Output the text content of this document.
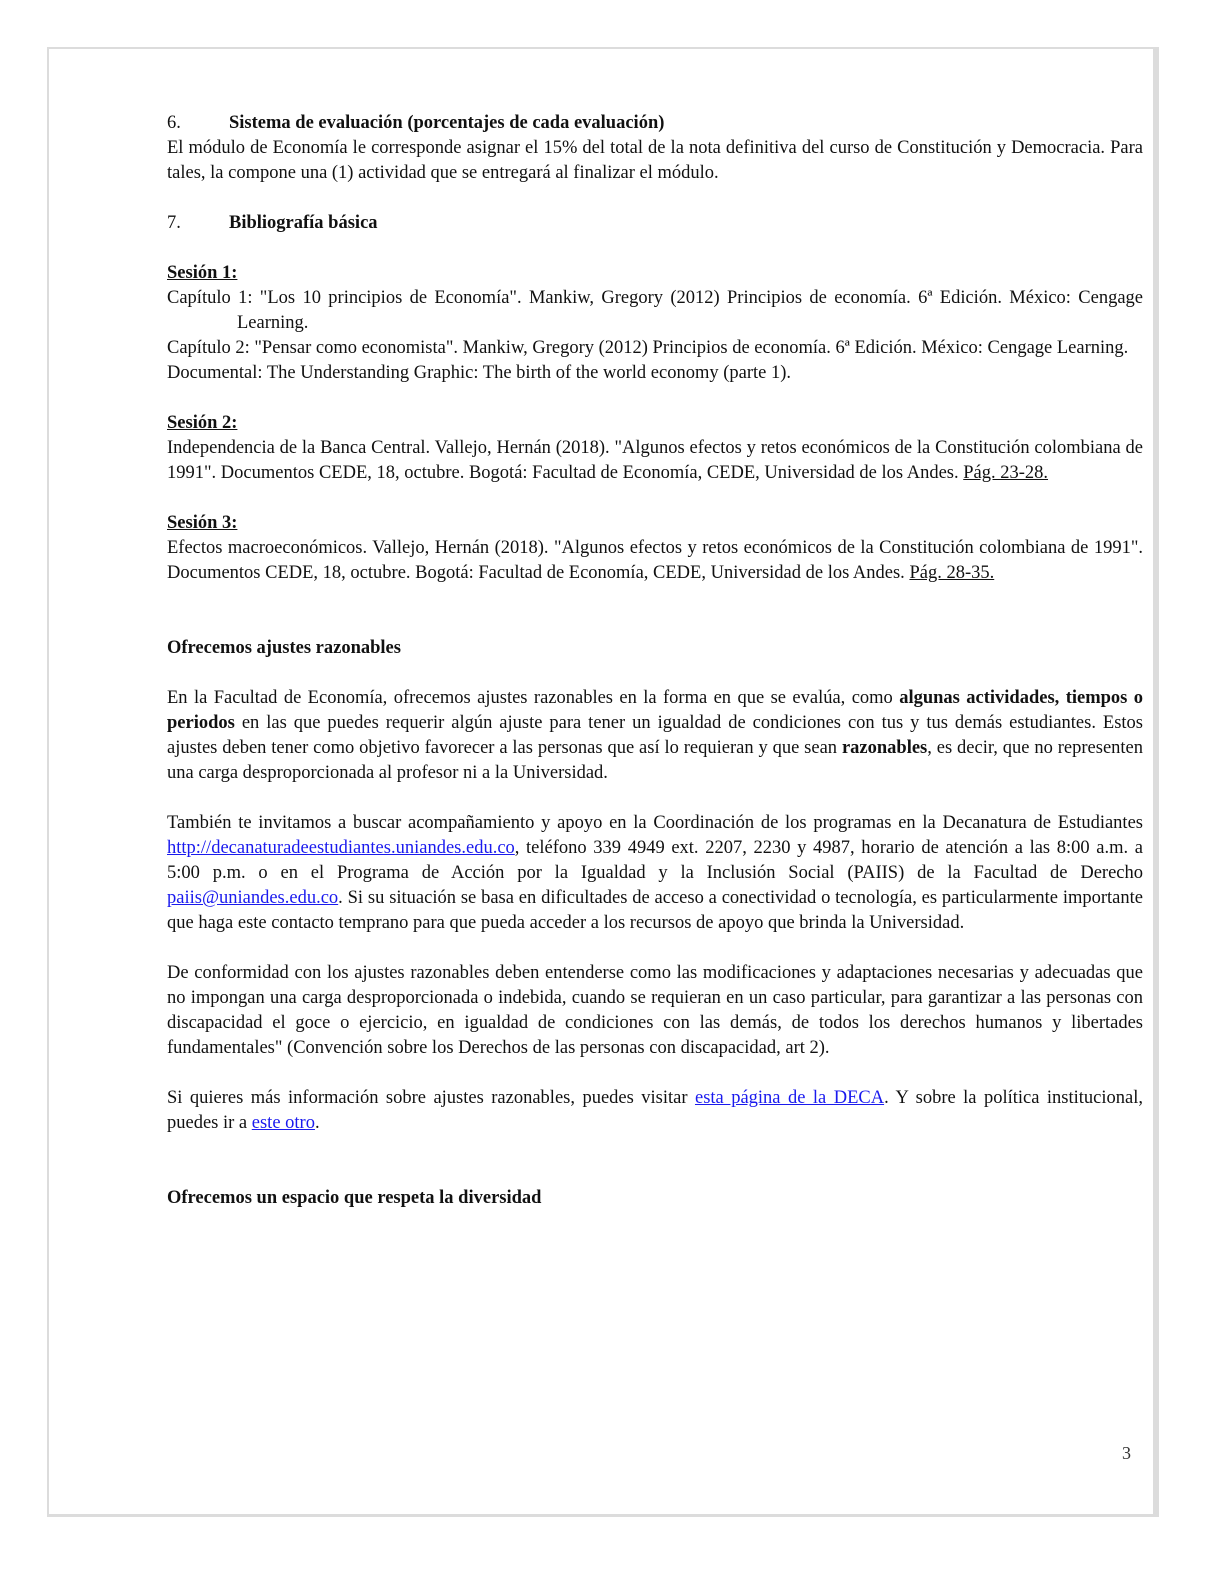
6.	Sistema de evaluación (porcentajes de cada evaluación)

El módulo de Economía le corresponde asignar el 15% del total de la nota definitiva del curso de Constitución y Democracia. Para tales, la compone una (1) actividad que se entregará al finalizar el módulo.

7.	Bibliografía básica

Sesión 1:

Capítulo 1: "Los 10 principios de Economía". Mankiw, Gregory (2012) Principios de economía. 6ª Edición. México: Cengage Learning.

Capítulo 2: "Pensar como economista". Mankiw, Gregory (2012) Principios de economía. 6ª Edición. México: Cengage Learning.

Documental: The Understanding Graphic: The birth of the world economy (parte 1).

Sesión 2:

Independencia de la Banca Central. Vallejo, Hernán (2018). "Algunos efectos y retos económicos de la Constitución colombiana de 1991". Documentos CEDE, 18, octubre. Bogotá: Facultad de Economía, CEDE, Universidad de los Andes. Pág. 23-28.

Sesión 3:

Efectos macroeconómicos. Vallejo, Hernán (2018). "Algunos efectos y retos económicos de la Constitución colombiana de 1991". Documentos CEDE, 18, octubre. Bogotá: Facultad de Economía, CEDE, Universidad de los Andes. Pág. 28-35.

Ofrecemos ajustes razonables

En la Facultad de Economía, ofrecemos ajustes razonables en la forma en que se evalúa, como algunas actividades, tiempos o periodos en las que puedes requerir algún ajuste para tener un igualdad de condiciones con tus y tus demás estudiantes. Estos ajustes deben tener como objetivo favorecer a las personas que así lo requieran y que sean razonables, es decir, que no representen una carga desproporcionada al profesor ni a la Universidad.

También te invitamos a buscar acompañamiento y apoyo en la Coordinación de los programas en la Decanatura de Estudiantes http://decanaturadeestudiantes.uniandes.edu.co, teléfono 339 4949 ext. 2207, 2230 y 4987, horario de atención a las 8:00 a.m. a 5:00 p.m. o en el Programa de Acción por la Igualdad y la Inclusión Social (PAIIS) de la Facultad de Derecho paiis@uniandes.edu.co. Si su situación se basa en dificultades de acceso a conectividad o tecnología, es particularmente importante que haga este contacto temprano para que pueda acceder a los recursos de apoyo que brinda la Universidad.

De conformidad con los ajustes razonables deben entenderse como las modificaciones y adaptaciones necesarias y adecuadas que no impongan una carga desproporcionada o indebida, cuando se requieran en un caso particular, para garantizar a las personas con discapacidad el goce o ejercicio, en igualdad de condiciones con las demás, de todos los derechos humanos y libertades fundamentales" (Convención sobre los Derechos de las personas con discapacidad, art 2).

Si quieres más información sobre ajustes razonables, puedes visitar esta página de la DECA. Y sobre la política institucional, puedes ir a este otro.

Ofrecemos un espacio que respeta la diversidad

3
